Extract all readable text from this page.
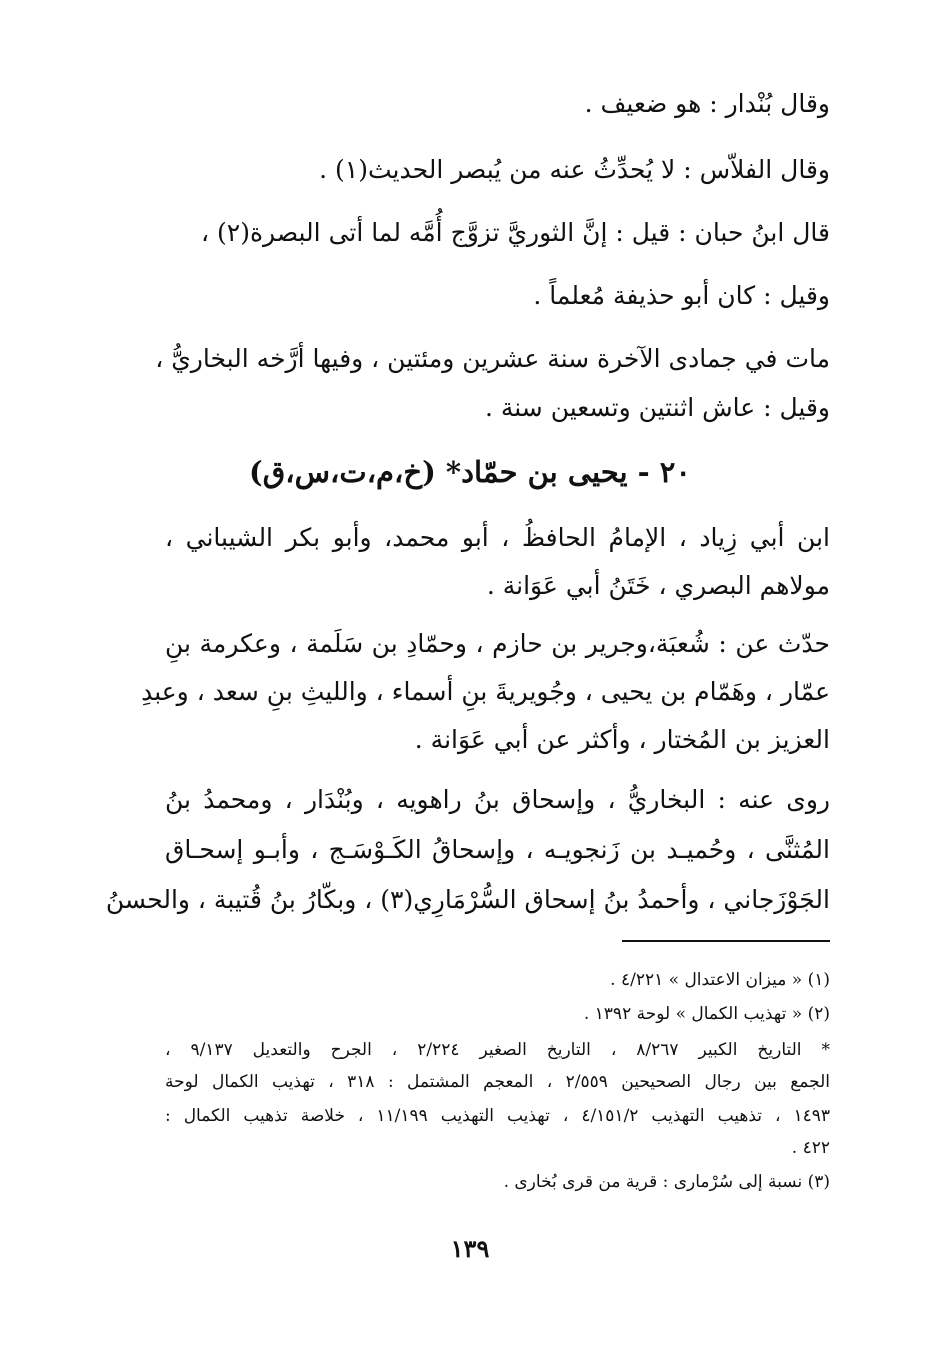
وقال بُنْدار : هو ضعيف .
وقال الفلاّس : لا يُحدِّثُ عنه من يُبصر الحديث(١) .
قال ابنُ حبان : قيل : إنَّ الثوريَّ تزوَّج أُمَّه لما أتى البصرة(٢) ،
وقيل : كان أبو حذيفة مُعلماً .
مات في جمادى الآخرة سنة عشرين ومئتين ، وفيها أرَّخه البخاريُّ ،
وقيل : عاش اثنتين وتسعين سنة .
٢٠ - يحيى بن حمّاد* (خ،م،ت،س،ق)
ابن أبي زِياد ، الإمامُ الحافظُ ، أبو محمد، وأبو بكر الشيباني ،
مولاهم البصري ، خَتَنُ أبي عَوَانة .
حدّث عن : شُعبَة،وجرير بن حازم ، وحمّادِ بن سَلَمة ، وعكرمة بنِ
عمّار ، وهَمّام بن يحيى ، وجُويريةَ بنِ أسماء ، والليثِ بنِ سعد ، وعبدِ
العزيز بن المُختار ، وأكثر عن أبي عَوَانة .
روى عنه : البخاريُّ ، وإسحاق بنُ راهويه ، وبُنْدَار ، ومحمدُ بنُ
المُثنَّى ، وحُميـد بن زَنجويـه ، وإسحاقُ الكَـوْسَـج ، وأبـو إسحـاق
الجَوْزَجاني ، وأحمدُ بنُ إسحاق السُّرْمَارِي(٣) ، وبكّارُ بنُ قُتيبة ، والحسنُ
(١) « ميزان الاعتدال » ٤/٢٢١ .
(٢) « تهذيب الكمال » لوحة ١٣٩٢ .
* التاريخ الكبير ٨/٢٦٧ ، التاريخ الصغير ٢/٢٢٤ ، الجرح والتعديل ٩/١٣٧ ،
الجمع بين رجال الصحيحين ٢/٥٥٩ ، المعجم المشتمل : ٣١٨ ، تهذيب الكمال لوحة
١٤٩٣ ، تذهيب التهذيب ٤/١٥١/٢ ، تهذيب التهذيب ١١/١٩٩ ، خلاصة تذهيب الكمال :
٤٢٢ .
(٣) نسبة إلى سُرْمارى : قرية من قرى بُخارى .
١٣٩
